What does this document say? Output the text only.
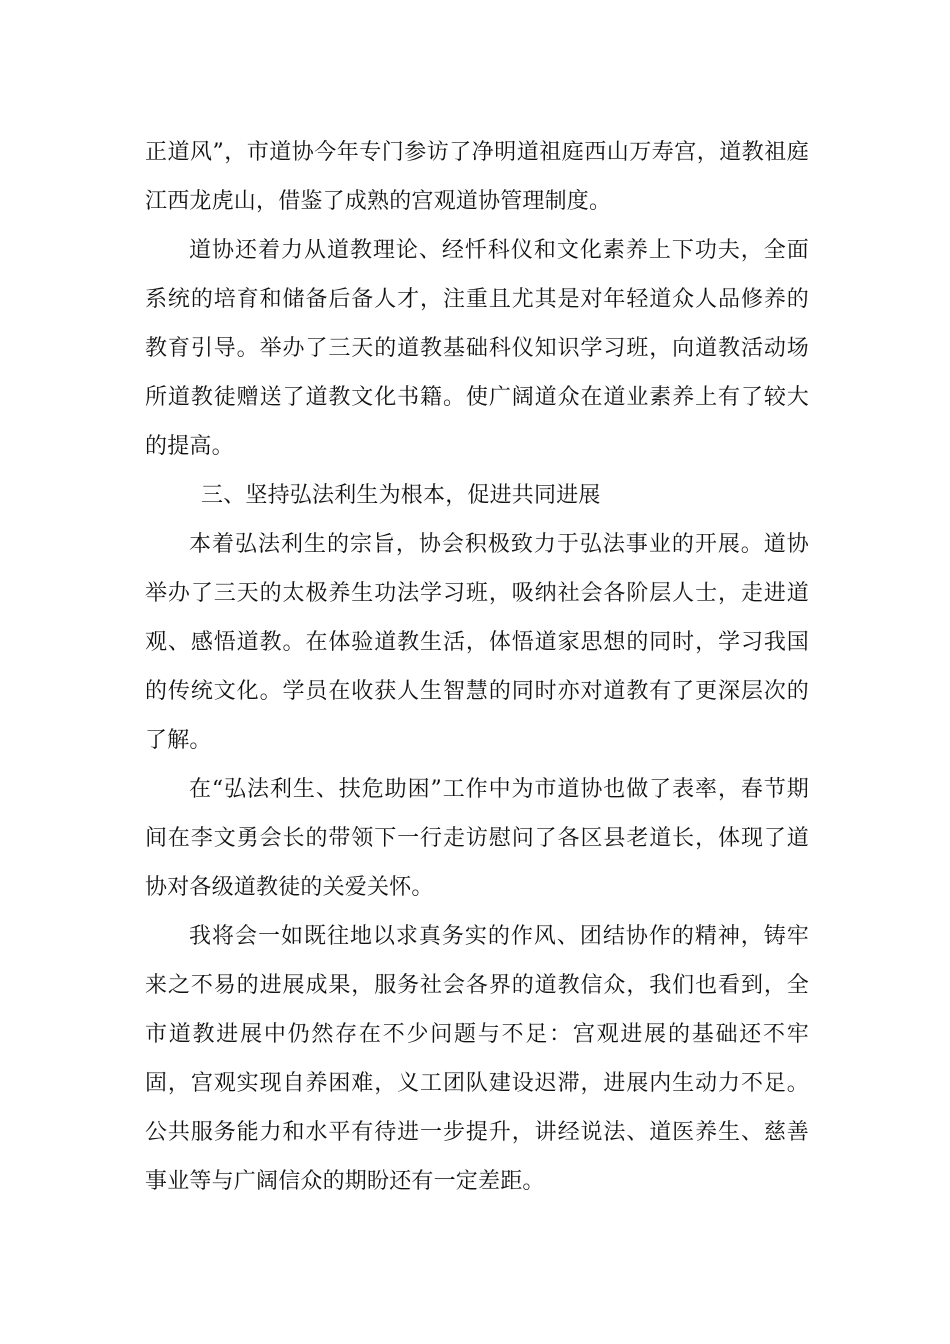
正道风”，市道协今年专门参访了净明道祖庭西山万寿宫，道教祖庭江西龙虎山，借鉴了成熟的宫观道协管理制度。

道协还着力从道教理论、经忏科仪和文化素养上下功夫，全面系统的培育和储备后备人才，注重且尤其是对年轻道众人品修养的教育引导。举办了三天的道教基础科仪知识学习班，向道教活动场所道教徒赠送了道教文化书籍。使广阔道众在道业素养上有了较大的提高。

三、坚持弘法利生为根本，促进共同进展

本着弘法利生的宗旨，协会积极致力于弘法事业的开展。道协举办了三天的太极养生功法学习班，吸纳社会各阶层人士，走进道观、感悟道教。在体验道教生活，体悟道家思想的同时，学习我国的传统文化。学员在收获人生智慧的同时亦对道教有了更深层次的了解。

在“弘法利生、扶危助困”工作中为市道协也做了表率，春节期间在李文勇会长的带领下一行走访慰问了各区县老道长，体现了道协对各级道教徒的关爱关怀。

我将会一如既往地以求真务实的作风、团结协作的精神，铸牢来之不易的进展成果，服务社会各界的道教信众，我们也看到，全市道教进展中仍然存在不少问题与不足：宫观进展的基础还不牢固，宫观实现自养困难，义工团队建设迟滞，进展内生动力不足。公共服务能力和水平有待进一步提升，讲经说法、道医养生、慈善事业等与广阔信众的期盼还有一定差距。
